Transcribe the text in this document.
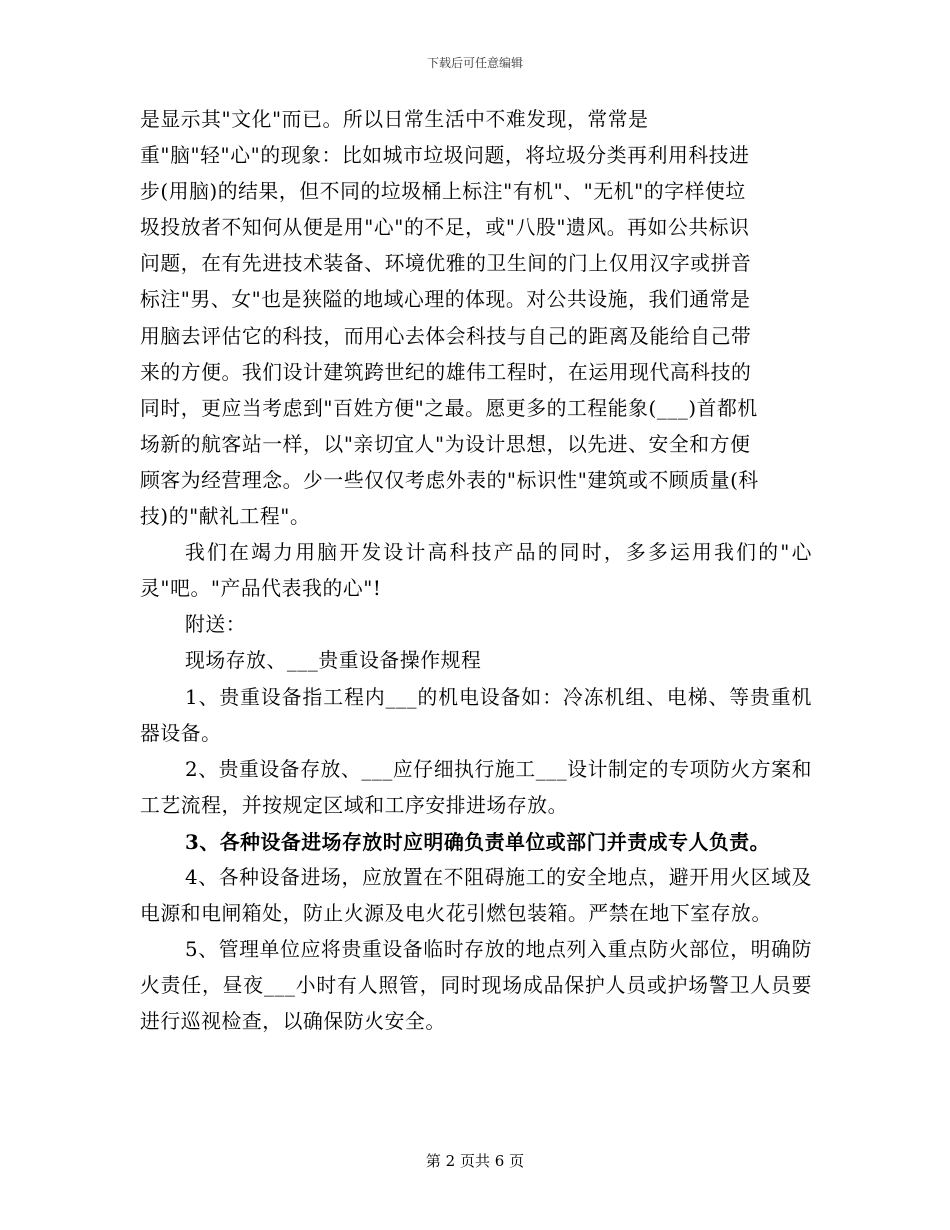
下载后可任意编辑

是显示其"文化"而已。所以日常生活中不难发现，常常是

重"脑"轻"心"的现象：比如城市垃圾问题，将垃圾分类再利用科技进

步(用脑)的结果，但不同的垃圾桶上标注"有机"、"无机"的字样使垃

圾投放者不知何从便是用"心"的不足，或"八股"遗风。再如公共标识

问题，在有先进技术装备、环境优雅的卫生间的门上仅用汉字或拼音

标注"男、女"也是狭隘的地域心理的体现。对公共设施，我们通常是

用脑去评估它的科技，而用心去体会科技与自己的距离及能给自己带

来的方便。我们设计建筑跨世纪的雄伟工程时，在运用现代高科技的

同时，更应当考虑到"百姓方便"之最。愿更多的工程能象(___)首都机

场新的航客站一样，以"亲切宜人"为设计思想，以先进、安全和方便

顾客为经营理念。少一些仅仅考虑外表的"标识性"建筑或不顾质量(科

技)的"献礼工程"。

我们在竭力用脑开发设计高科技产品的同时，多多运用我们的"心灵"吧。"产品代表我的心"!

附送：

现场存放、___贵重设备操作规程

1、贵重设备指工程内___的机电设备如：冷冻机组、电梯、等贵重机器设备。

2、贵重设备存放、___应仔细执行施工___设计制定的专项防火方案和工艺流程，并按规定区域和工序安排进场存放。

3、各种设备进场存放时应明确负责单位或部门并责成专人负责。

4、各种设备进场，应放置在不阻碍施工的安全地点，避开用火区域及电源和电闸箱处，防止火源及电火花引燃包装箱。严禁在地下室存放。

5、管理单位应将贵重设备临时存放的地点列入重点防火部位，明确防火责任，昼夜___小时有人照管，同时现场成品保护人员或护场警卫人员要进行巡视检查，以确保防火安全。

第 2 页共 6 页
